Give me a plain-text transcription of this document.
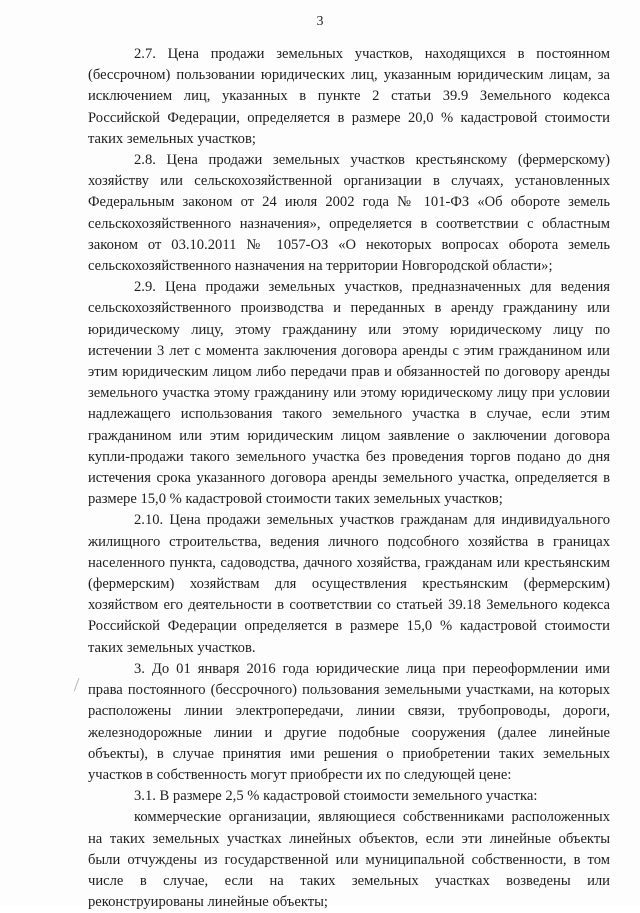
3

2.7. Цена продажи земельных участков, находящихся в постоянном (бессрочном) пользовании юридических лиц, указанным юридическим лицам, за исключением лиц, указанных в пункте 2 статьи 39.9 Земельного кодекса Российской Федерации, определяется в размере 20,0 % кадастровой стоимости таких земельных участков;

2.8. Цена продажи земельных участков крестьянскому (фермерскому) хозяйству или сельскохозяйственной организации в случаях, установленных Федеральным законом от 24 июля 2002 года № 101-ФЗ «Об обороте земель сельскохозяйственного назначения», определяется в соответствии с областным законом от 03.10.2011 № 1057-ОЗ «О некоторых вопросах оборота земель сельскохозяйственного назначения на территории Новгородской области»;

2.9. Цена продажи земельных участков, предназначенных для ведения сельскохозяйственного производства и переданных в аренду гражданину или юридическому лицу, этому гражданину или этому юридическому лицу по истечении 3 лет с момента заключения договора аренды с этим гражданином или этим юридическим лицом либо передачи прав и обязанностей по договору аренды земельного участка этому гражданину или этому юридическому лицу при условии надлежащего использования такого земельного участка в случае, если этим гражданином или этим юридическим лицом заявление о заключении договора купли-продажи такого земельного участка без проведения торгов подано до дня истечения срока указанного договора аренды земельного участка, определяется в размере 15,0 % кадастровой стоимости таких земельных участков;

2.10. Цена продажи земельных участков гражданам для индивидуального жилищного строительства, ведения личного подсобного хозяйства в границах населенного пункта, садоводства, дачного хозяйства, гражданам или крестьянским (фермерским) хозяйствам для осуществления крестьянским (фермерским) хозяйством его деятельности в соответствии со статьей 39.18 Земельного кодекса Российской Федерации определяется в размере 15,0 % кадастровой стоимости таких земельных участков.

3. До 01 января 2016 года юридические лица при переоформлении ими права постоянного (бессрочного) пользования земельными участками, на которых расположены линии электропередачи, линии связи, трубопроводы, дороги, железнодорожные линии и другие подобные сооружения (далее линейные объекты), в случае принятия ими решения о приобретении таких земельных участков в собственность могут приобрести их по следующей цене:

3.1. В размере 2,5 % кадастровой стоимости земельного участка:

коммерческие организации, являющиеся собственниками расположенных на таких земельных участках линейных объектов, если эти линейные объекты были отчуждены из государственной или муниципальной собственности, в том числе в случае, если на таких земельных участках возведены или реконструированы линейные объекты;
